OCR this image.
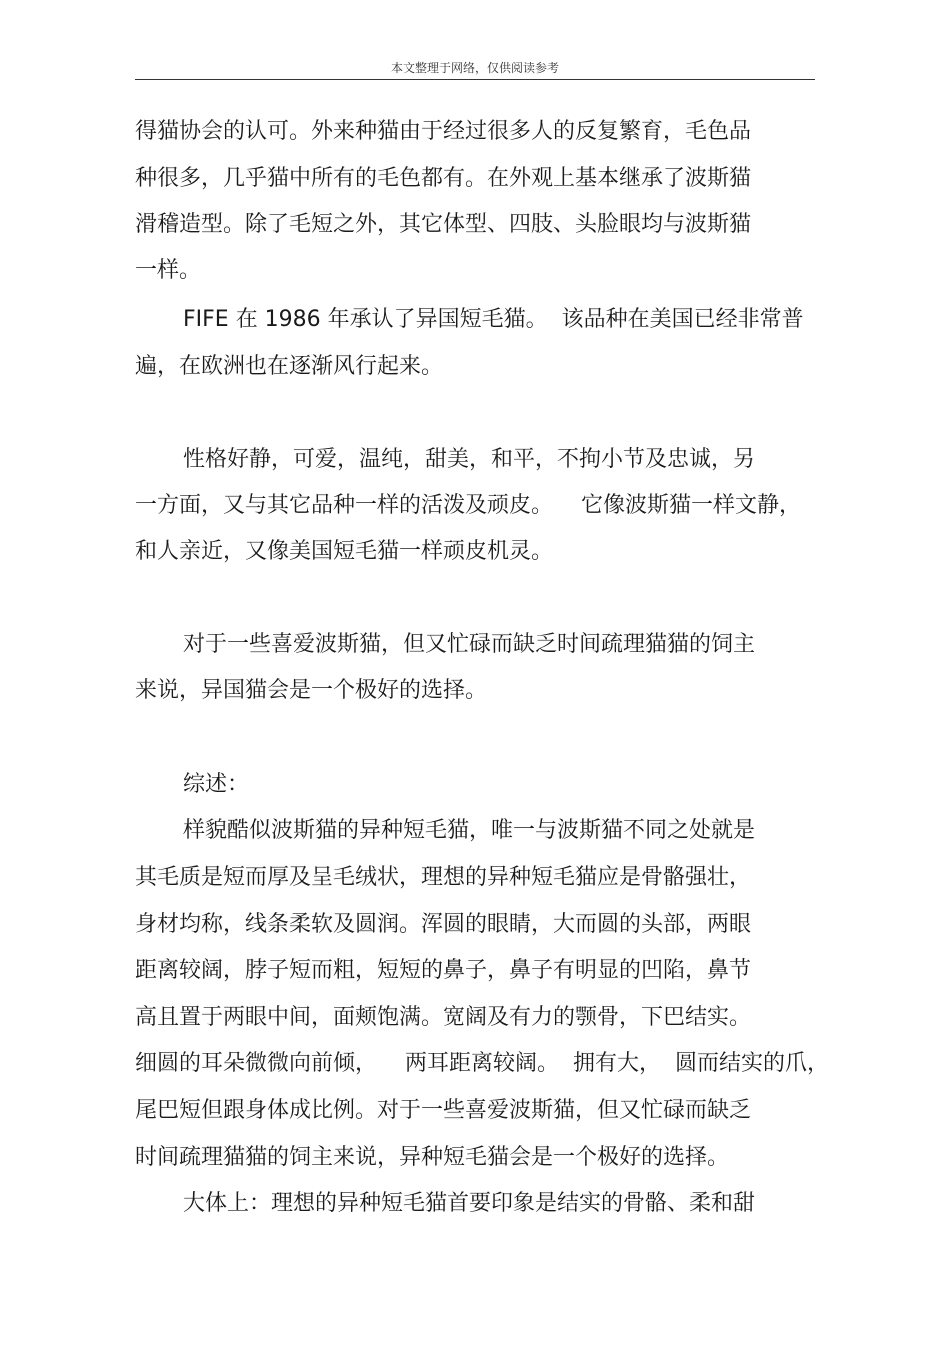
本文整理于网络，仅供阅读参考
得猫协会的认可。外来种猫由于经过很多人的反复繁育，毛色品
种很多，几乎猫中所有的毛色都有。在外观上基本继承了波斯猫
滑稽造型。除了毛短之外，其它体型、四肢、头脸眼均与波斯猫
一样。
FIFE 在 1986 年承认了异国短毛猫。  该品种在美国已经非常普
遍，在欧洲也在逐渐风行起来。
性格好静，可爱，温纯，甜美，和平，不拘小节及忠诚，另
一方面，又与其它品种一样的活泼及顽皮。    它像波斯猫一样文静，
和人亲近，又像美国短毛猫一样顽皮机灵。
对于一些喜爱波斯猫，但又忙碌而缺乏时间疏理猫猫的饲主
来说，异国猫会是一个极好的选择。
综述：
样貌酷似波斯猫的异种短毛猫，唯一与波斯猫不同之处就是
其毛质是短而厚及呈毛绒状，理想的异种短毛猫应是骨骼强壮，
身材均称，线条柔软及圆润。浑圆的眼睛，大而圆的头部，两眼
距离较阔，脖子短而粗，短短的鼻子，鼻子有明显的凹陷，鼻节
高且置于两眼中间，面颊饱满。宽阔及有力的颚骨，下巴结实。
细圆的耳朵微微向前倾，    两耳距离较阔。  拥有大，  圆而结实的爪，
尾巴短但跟身体成比例。对于一些喜爱波斯猫，但又忙碌而缺乏
时间疏理猫猫的饲主来说，异种短毛猫会是一个极好的选择。
大体上：理想的异种短毛猫首要印象是结实的骨骼、柔和甜
